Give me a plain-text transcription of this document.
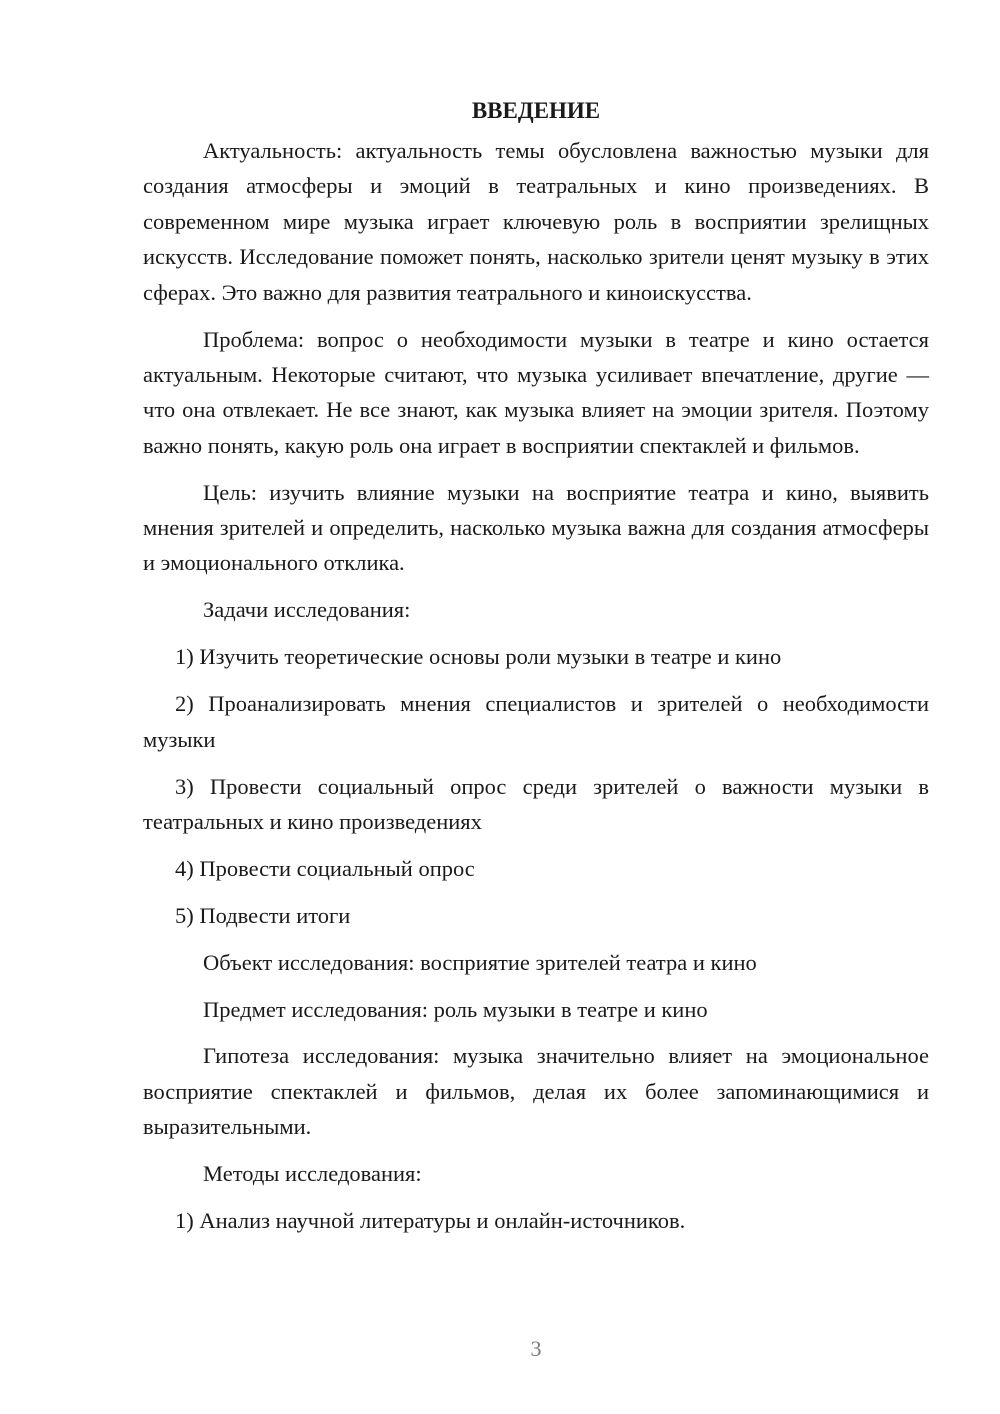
ВВЕДЕНИЕ

Актуальность: актуальность темы обусловлена важностью музыки для создания атмосферы и эмоций в театральных и кино произведениях. В современном мире музыка играет ключевую роль в восприятии зрелищных искусств. Исследование поможет понять, насколько зрители ценят музыку в этих сферах. Это важно для развития театрального и киноискусства.

Проблема: вопрос о необходимости музыки в театре и кино остается актуальным. Некоторые считают, что музыка усиливает впечатление, другие — что она отвлекает. Не все знают, как музыка влияет на эмоции зрителя. Поэтому важно понять, какую роль она играет в восприятии спектаклей и фильмов.

Цель: изучить влияние музыки на восприятие театра и кино, выявить мнения зрителей и определить, насколько музыка важна для создания атмосферы и эмоционального отклика.

Задачи исследования:

1) Изучить теоретические основы роли музыки в театре и кино

2) Проанализировать мнения специалистов и зрителей о необходимости музыки

3) Провести социальный опрос среди зрителей о важности музыки в театральных и кино произведениях

4) Провести социальный опрос

5) Подвести итоги

Объект исследования: восприятие зрителей театра и кино

Предмет исследования: роль музыки в театре и кино

Гипотеза исследования: музыка значительно влияет на эмоциональное восприятие спектаклей и фильмов, делая их более запоминающимися и выразительными.

Методы исследования:

1) Анализ научной литературы и онлайн-источников.

3
